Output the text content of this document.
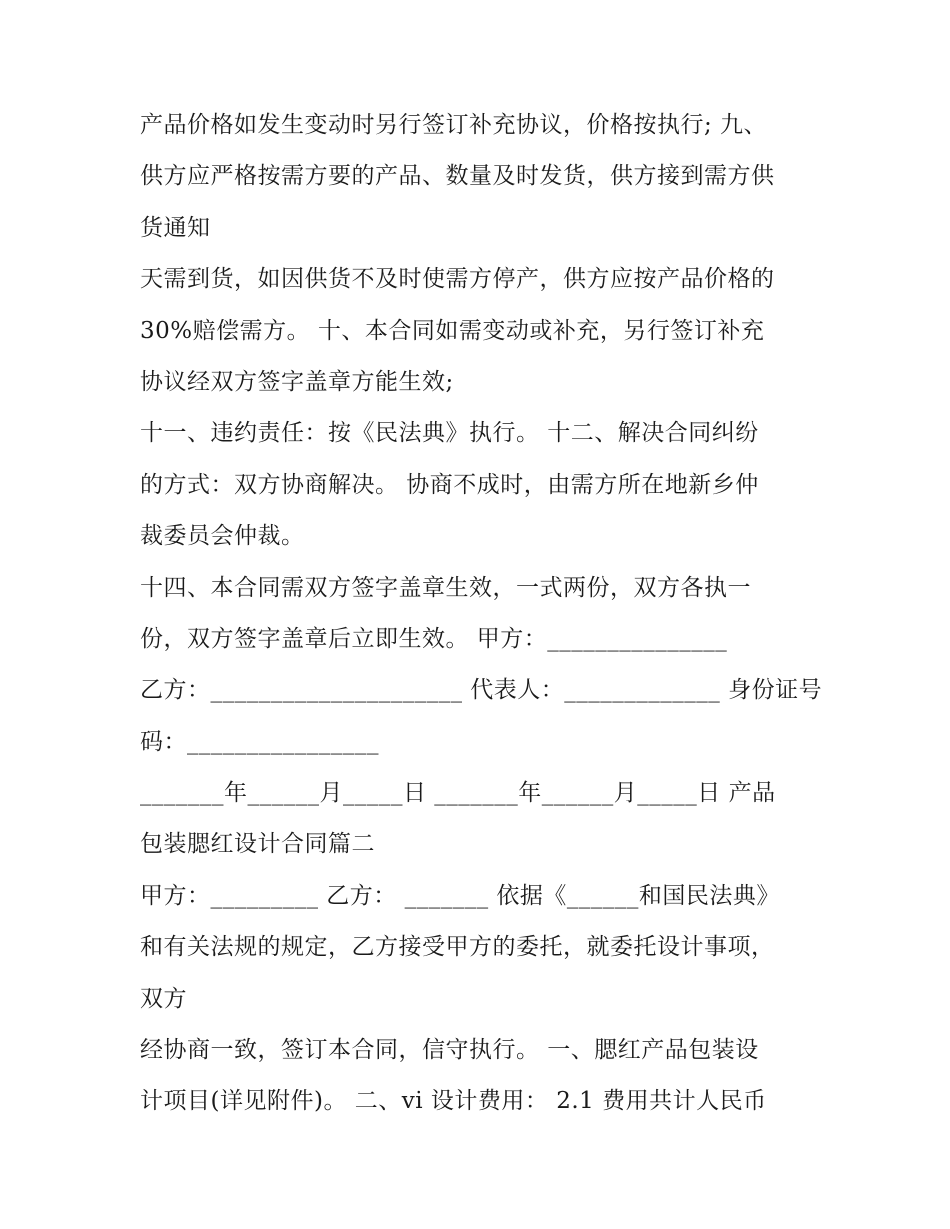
产品价格如发生变动时另行签订补充协议，价格按执行; 九、
供方应严格按需方要的产品、数量及时发货，供方接到需方供
货通知
天需到货，如因供货不及时使需方停产，供方应按产品价格的
30%赔偿需方。 十、本合同如需变动或补充，另行签订补充
协议经双方签字盖章方能生效;
十一、违约责任：按《民法典》执行。 十二、解决合同纠纷
的方式：双方协商解决。 协商不成时，由需方所在地新乡仲
裁委员会仲裁。
十四、本合同需双方签字盖章生效，一式两份，双方各执一
份，双方签字盖章后立即生效。 甲方：_______________
乙方：_____________________ 代表人：_____________ 身份证号
码：________________
_______年______月_____日 _______年______月_____日 产品
包装腮红设计合同篇二
甲方：_________ 乙方： _______ 依据《______和国民法典》
和有关法规的规定，乙方接受甲方的委托，就委托设计事项，
双方
经协商一致，签订本合同，信守执行。 一、腮红产品包装设
计项目(详见附件)。 二、vi 设计费用： 2.1 费用共计人民币
